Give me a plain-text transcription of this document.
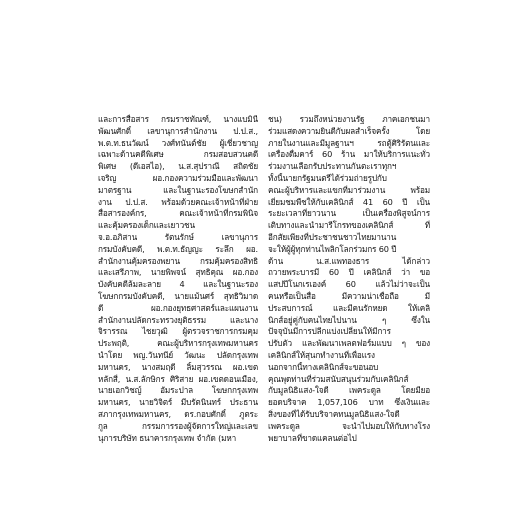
และการสื่อสาร กรมราชทัณฑ์, นางแบมินี
พัฒนศักดิ์ เลขานุการสำนักงาน ป.ป.ส.,
พ.ต.ท.ธนวัฒน์ วงศ์ทนันต์ชัย ผู้เชี่ยวชาญ
เฉพาะด้านคดีพิเศษ กรมสอบสวนคดี
พิเศษ (ดีเอสไอ), น.ส.สุปราณี สถิตชัย
เจริญ ผอ.กองความร่วมมือและพัฒนา
มาตรฐาน และในฐานะรองโฆษกสำนัก
งาน ป.ป.ส. พร้อมด้วยคณะเจ้าหน้าที่ฝ่าย
สื่อสารองค์กร, คณะเจ้าหน้าที่กรมพินิจ
และคุ้มครองเด็กและเยาวชน
จ.อ.อภิสาน รัตนรักษ์ เลขานุการ
กรมบังคับคดี, พ.ต.ท.ธัญญะ ระลึก ผอ.
สำนักงานคุ้มครองพยาน กรมคุ้มครองสิทธิ
และเสรีภาพ, นายพิพจน์ สุทธิคุณ ผอ.กอง
บังคับคดีล้มละลาย 4 และในฐานะรอง
โฆษกกรมบังคับคดี, นายแม้นศร์ สุทธิวิมาด
ดี ผอ.กองยุทธศาสตร์และแผนงาน
สำนักงานปลัดกระทรวงยุติธรรม และนาง
จิรารรณ ไชยวุฒิ ผู้ตรวจราชการกรมคุม
ประพฤติ, คณะผู้บริหารกรุงเทพมหานคร
นำโดย พญ.วันทนีย์ วัฒนะ ปลัดกรุงเทพ
มหานคร, นางสมฤดี ลิ้มสุวรรณ ผอ.เขต
หลักสี่, น.ส.ลักษิกร ศิริสาย ผอ.เขตดอนเมือง,
นายเอกวิชญ์ อัมระปาล โฆษกกรุงเทพ
มหานคร, นายวิจิตร์ มีบรัตนินทร์ ประธาน
สภากรุงเทพมหานคร, ดร.กอบศักดิ์ ภูตระ
กูล กรรมการรองผู้จัดการใหญ่และเลข
นุการบริษัท ธนาคารกรุงเทพ จำกัด (มหา
ชน) รวมถึงหน่วยงานรัฐ ภาคเอกชนมา
ร่วมแสดงความยินดีกับผลสำเร็จครั้ง โดย
ภายในงานและมีมูลฐานฯ รถตู้ศิริรัตนและ
เครื่องดื่มคาร์ 60 ร้าน มาให้บริการแนะทั่ว
ร่วมงานเลือกรับประทานกันตะเราทุกฯ
ทั้งนี้นายกรัฐมนตรีได้ร่วมถ่ายรูปกับ
คณะผู้บริหารและแขกที่มาร่วมงาน พร้อม
เยี่ยมชมพืชให้กับเคลินิกส์ 41 60 ปี เป็น
ระยะเวลาที่ยาวนาน เป็นเครื่องพิสูจน์การ
เติบทางและนำมารีโกรทของเคลินิกส์ ที่
อีกสัยเพียงที่ประชาชนชาวไทยมานาน
จะให้ผู้ผู้ทุกท่านไพลิกโลกร่วมกร 60 ปี
ด้าน น.ส.แพทองธาร ได้กล่าว
ถวายพระบารมี 60 ปี เคลินิกส์ ว่า ขอ
แสปปีโนกเรเองค์ 60 แล้วไม่ว่าจะเป็น
คนหรือเป็นสื่อ มีความน่าเชื่อถือ มี
ประสบการณ์ และมีคนรักหยด ให้เคลิ
นิกส์อยู่คู่กับคนไทยไปนาน ๆ ซึ่งใน
ปัจจุบันมีการปลีกแบ่งเปลี่ยนให้มีการ
ปรับตัว และพัฒนาเพลตฟอร์มแบบ ๆ ของ
เคลินิกส์ให้สุนกทำงานที่เพื่อแรง
นอกจากนี้ทางเคลินิกส์จะขอนอบ
คุณพุดท่านที่ร่วมสนับสนุนร่วมกับเคลินิกส์
กับมูลนิธิแสง-ใจดี เพคระดูล โดยมียอ
ยอดบริจาค 1,057,106 บาท ซึ่งเงินและ
สิ่งของที่ได้รับบริจาคทนมูลนิธิแสง-ใจดี
เพคระดูล จะนำไปมอบให้กับทางโรง
พยาบาลที่ขาดแคลนต่อไป
